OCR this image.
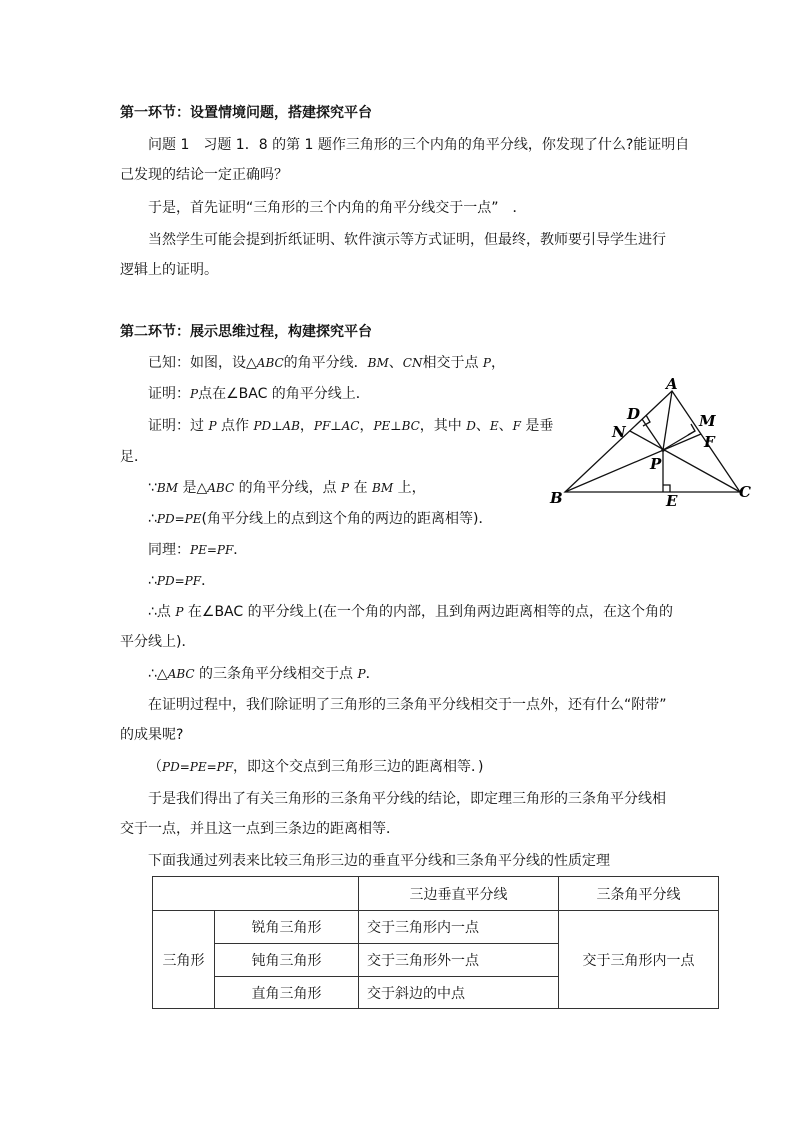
第一环节：设置情境问题，搭建探究平台

问题 1　习题 1．8 的第 1 题作三角形的三个内角的角平分线，你发现了什么?能证明自

己发现的结论一定正确吗？

于是，首先证明“三角形的三个内角的角平分线交于一点”　．

当然学生可能会提到折纸证明、软件演示等方式证明，但最终，教师要引导学生进行

逻辑上的证明。

第二环节：展示思维过程，构建探究平台

已知：如图，设△ABC的角平分线．BM、CN相交于点 P，

证明：P点在∠BAC 的角平分线上．

证明：过 P 点作 PD⊥AB，PF⊥AC，PE⊥BC，其中 D、E、F 是垂

足．

∵BM 是△ABC 的角平分线，点 P 在 BM 上，

∴PD=PE(角平分线上的点到这个角的两边的距离相等)．

同理：PE=PF．

∴PD=PF．

∴点 P 在∠BAC 的平分线上(在一个角的内部，且到角两边距离相等的点，在这个角的

平分线上)．

∴△ABC 的三条角平分线相交于点 P．

在证明过程中，我们除证明了三角形的三条角平分线相交于一点外，还有什么“附带”

的成果呢?

（PD=PE=PF，即这个交点到三角形三边的距离相等．)

于是我们得出了有关三角形的三条角平分线的结论，即定理三角形的三条角平分线相

交于一点，并且这一点到三条边的距离相等．

下面我通过列表来比较三角形三边的垂直平分线和三条角平分线的性质定理

A
B	C
D	M
N
F
P
E
		三边垂直平分线	三条角平分线
三角形	锐角三角形	交于三角形内一点	交于三角形内一点
	钝角三角形	交于三角形外一点	
	直角三角形	交于斜边的中点	
